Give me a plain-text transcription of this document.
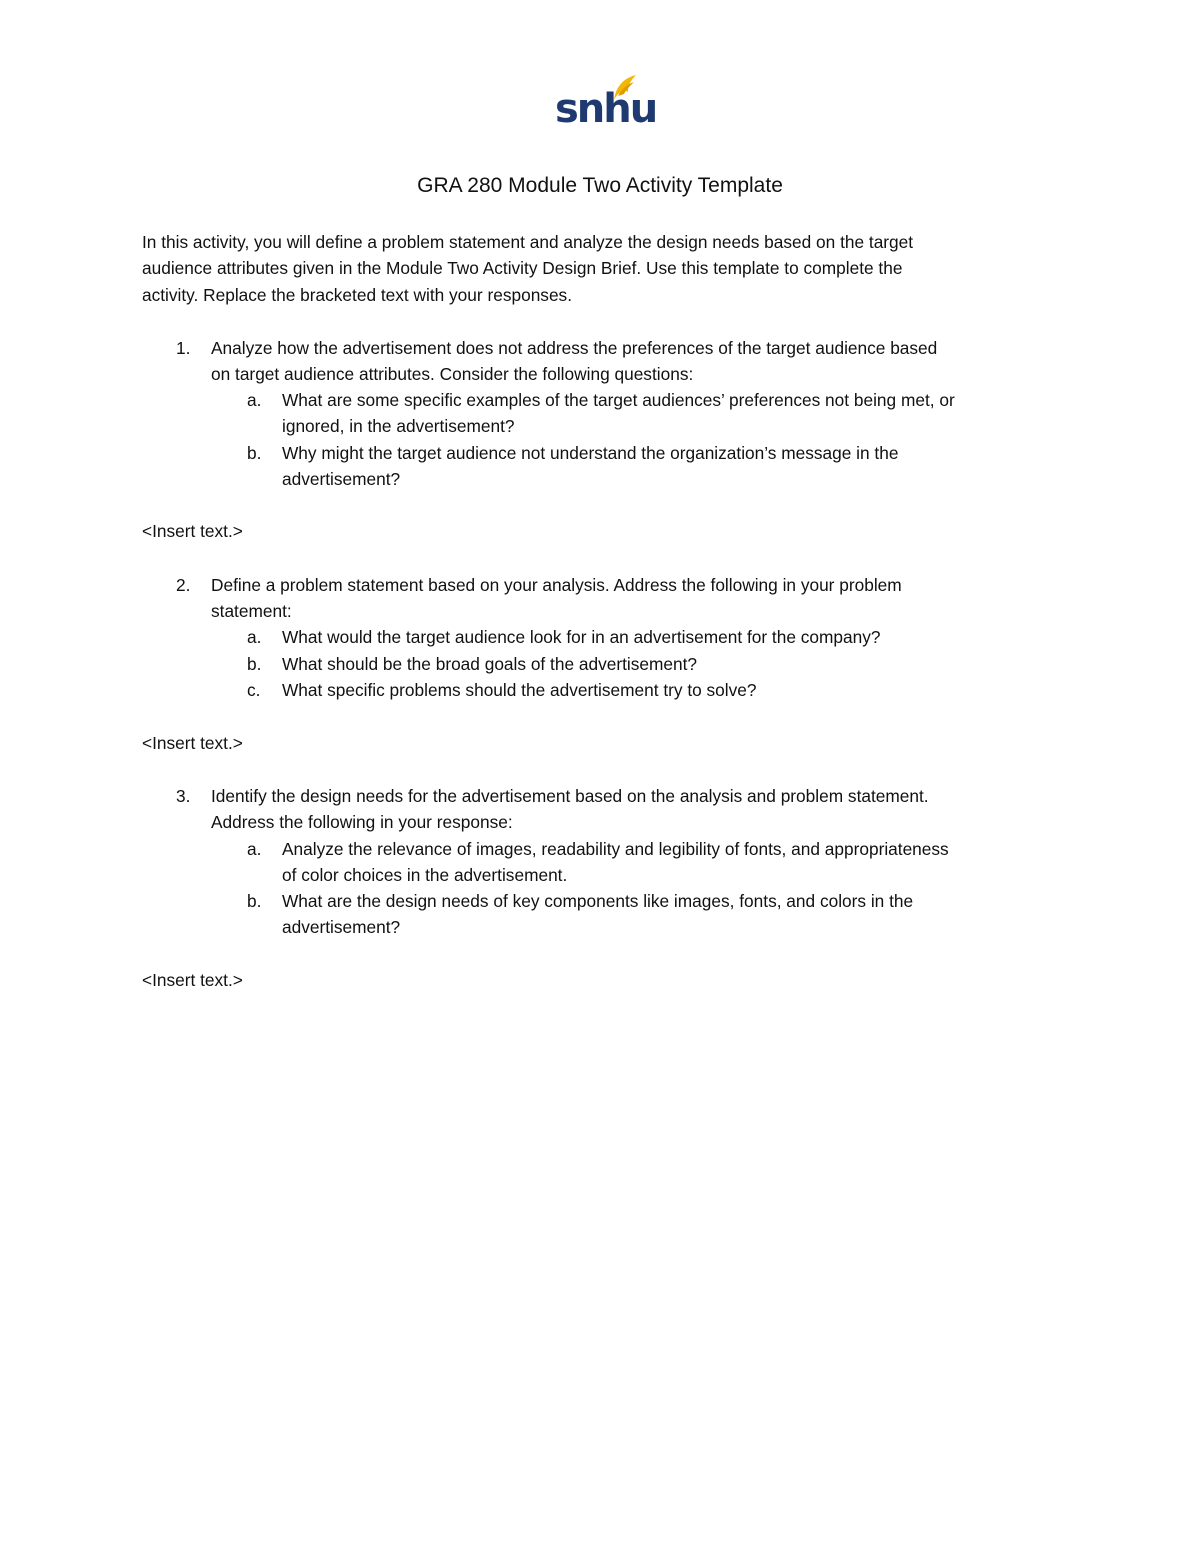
snhu
GRA 280 Module Two Activity Template
In this activity, you will define a problem statement and analyze the design needs based on the target
audience attributes given in the Module Two Activity Design Brief. Use this template to complete the
activity. Replace the bracketed text with your responses.
1. Analyze how the advertisement does not address the preferences of the target audience based
on target audience attributes. Consider the following questions:
a. What are some specific examples of the target audiences’ preferences not being met, or
ignored, in the advertisement?
b. Why might the target audience not understand the organization’s message in the
advertisement?
<Insert text.>
2. Define a problem statement based on your analysis. Address the following in your problem
statement:
a. What would the target audience look for in an advertisement for the company?
b. What should be the broad goals of the advertisement?
c. What specific problems should the advertisement try to solve?
<Insert text.>
3. Identify the design needs for the advertisement based on the analysis and problem statement.
Address the following in your response:
a. Analyze the relevance of images, readability and legibility of fonts, and appropriateness
of color choices in the advertisement.
b. What are the design needs of key components like images, fonts, and colors in the
advertisement?
<Insert text.>
